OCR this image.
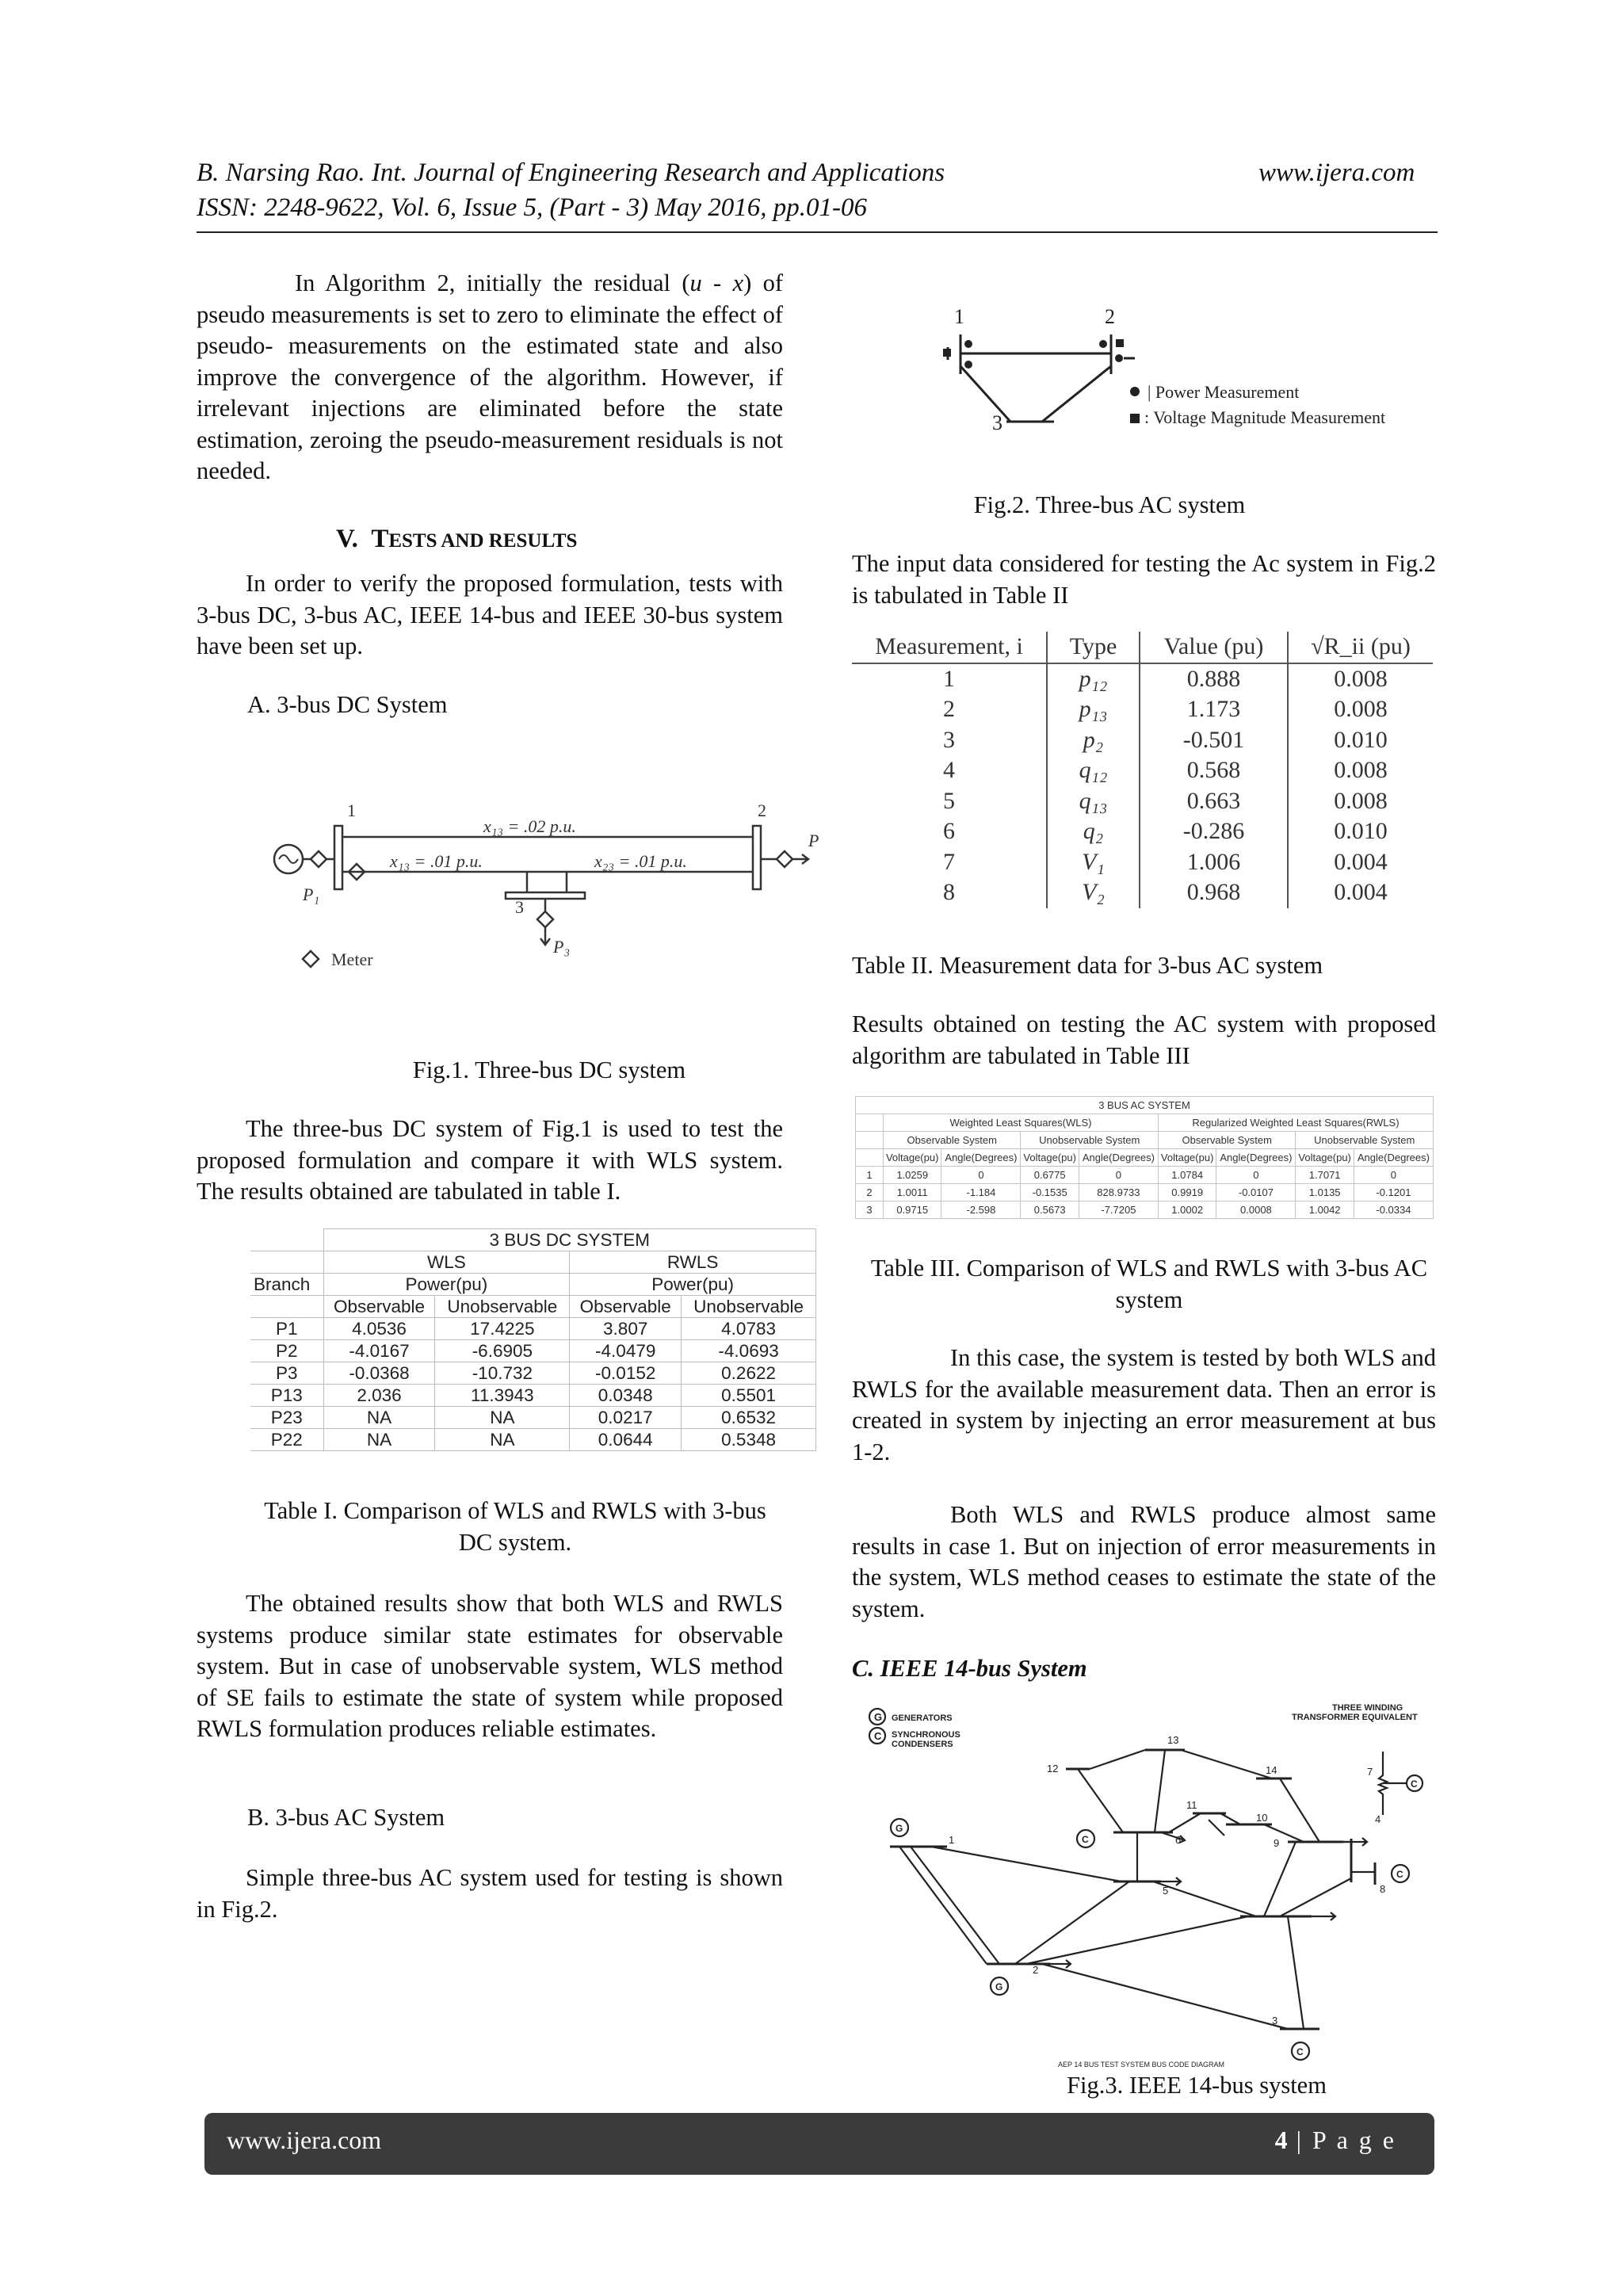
B. Narsing Rao. Int. Journal of Engineering Research and Applications	www.ijera.com
ISSN: 2248-9622, Vol. 6, Issue 5, (Part - 3) May 2016, pp.01-06

In Algorithm 2, initially the residual (u - x) of pseudo measurements is set to zero to eliminate the effect of pseudo- measurements on the estimated state and also improve the convergence of the algorithm. However, if irrelevant injections are eliminated before the state estimation, zeroing the pseudo-measurement residuals is not needed.

V. TESTS AND RESULTS

In order to verify the proposed formulation, tests with 3-bus DC, 3-bus AC, IEEE 14-bus and IEEE 30-bus system have been set up.

A. 3-bus DC System
1	2
3
x₁₃ = .02 p.u.
x₁₃ = .01 p.u.	x₂₃ = .01 p.u.
P₁
P
P₃
Meter
Fig.1. Three-bus DC system

The three-bus DC system of Fig.1 is used to test the proposed formulation and compare it with WLS system. The results obtained are tabulated in table I.

	3 BUS DC SYSTEM			
	WLS		RWLS	
Branch	Power(pu)		Power(pu)	
	Observable	Unobservable	Observable	Unobservable
P1	4.0536	17.4225	3.807	4.0783
P2	-4.0167	-6.6905	-4.0479	-4.0693
P3	-0.0368	-10.732	-0.0152	0.2622
P13	2.036	11.3943	0.0348	0.5501
P23	NA	NA	0.0217	0.6532
P22	NA	NA	0.0644	0.5348
Table I. Comparison of WLS and RWLS with 3-bus DC system.

The obtained results show that both WLS and RWLS systems produce similar state estimates for observable system. But in case of unobservable system, WLS method of SE fails to estimate the state of system while proposed RWLS formulation produces reliable estimates.

B. 3-bus AC System

Simple three-bus AC system used for testing is shown in Fig.2.

1	2
3
| Power Measurement
: Voltage Magnitude Measurement
Fig.2. Three-bus AC system

The input data considered for testing the Ac system in Fig.2 is tabulated in Table II

Measurement, i	Type	Value (pu)	√R_ii (pu)
1	p₁₂	0.888	0.008
2	p₁₃	1.173	0.008
3	p₂	-0.501	0.010
4	q₁₂	0.568	0.008
5	q₁₃	0.663	0.008
6	q₂	-0.286	0.010
7	V₁	1.006	0.004
8	V₂	0.968	0.004

Table II. Measurement data for 3-bus AC system

Results obtained on testing the AC system with proposed algorithm are tabulated in Table III

3 BUS AC SYSTEM								
	Weighted Least Squares(WLS)				Regularized Weighted Least Squares(RWLS)			
	Observable System		Unobservable System		Observable System		Unobservable System	
	Voltage(pu)	Angle(Degrees)	Voltage(pu)	Angle(Degrees)	Voltage(pu)	Angle(Degrees)	Voltage(pu)	Angle(Degrees)
1	1.0259	0	0.6775	0	1.0784	0	1.7071	0
2	1.0011	-1.184	-0.1535	828.9733	0.9919	-0.0107	1.0135	-0.1201
3	0.9715	-2.598	0.5673	-7.7205	1.0002	0.0008	1.0042	-0.0334
Table III. Comparison of WLS and RWLS with 3-bus AC system

In this case, the system is tested by both WLS and RWLS for the available measurement data. Then an error is created in system by injecting an error measurement at bus 1-2.

Both WLS and RWLS produce almost same results in case 1. But on injection of error measurements in the system, WLS method ceases to estimate the state of the system.

C. IEEE 14-bus System
G
C
GENERATORS
SYNCHRONOUS
CONDENSERS
THREE WINDING
TRANSFORMER EQUIVALENT
G
G
C
C
C
C
1
2
3
4
5
6
7
8
9
10
11
12
13
14
AEP 14 BUS TEST SYSTEM BUS CODE DIAGRAM
Fig.3. IEEE 14-bus system
www.ijera.com	4 | P a g e
